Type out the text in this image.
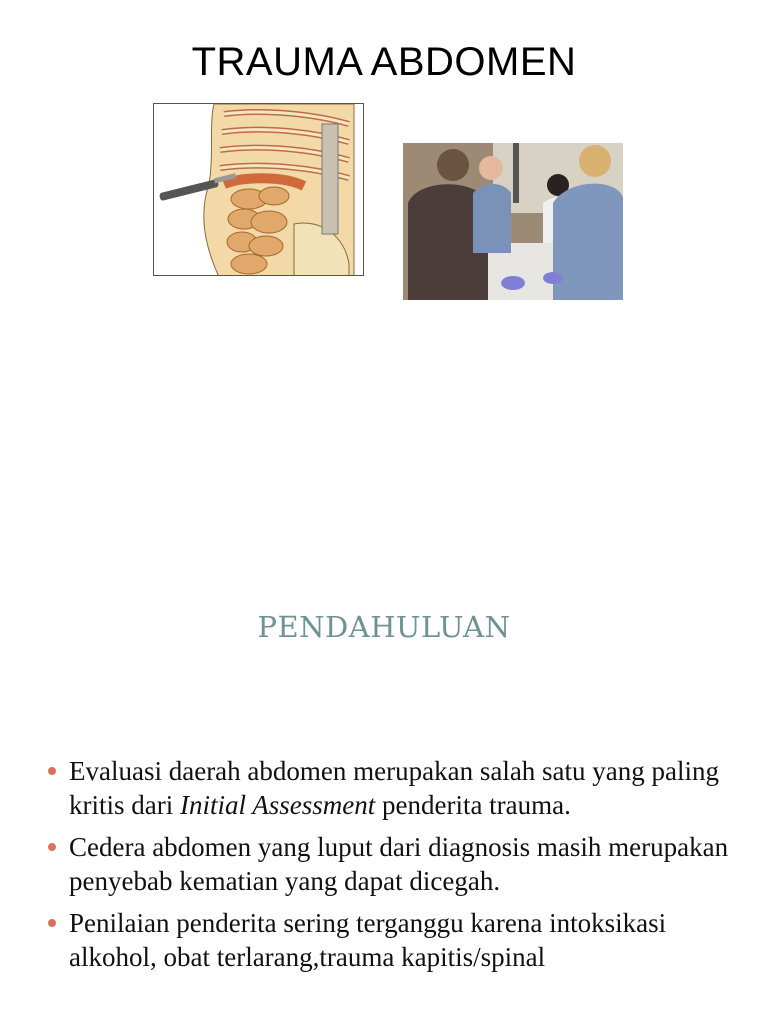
TRAUMA ABDOMEN
PENDAHULUAN
Evaluasi daerah abdomen merupakan salah satu yang paling kritis dari Initial Assessment penderita trauma.
Cedera abdomen yang luput dari diagnosis masih merupakan penyebab kematian yang dapat dicegah.
Penilaian penderita sering terganggu karena intoksikasi alkohol, obat terlarang,trauma kapitis/spinal
